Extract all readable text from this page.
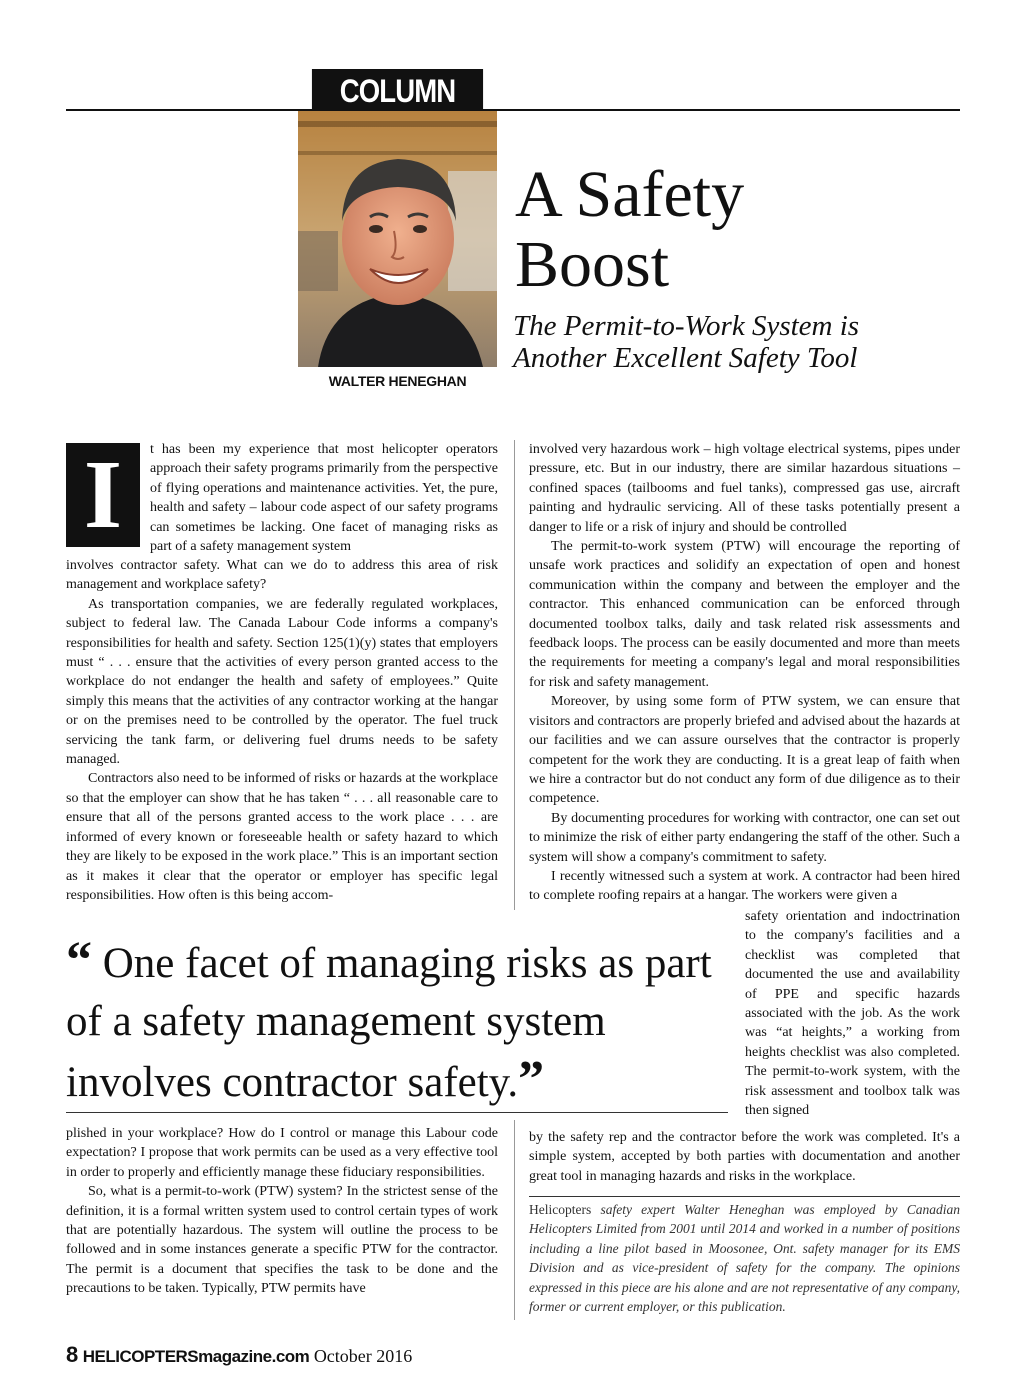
COLUMN
WALTER HENEGHAN
A Safety
Boost
The Permit-to-Work System is
Another Excellent Safety Tool
I	t has been my experience that most helicopter operators approach their safety programs primarily from the perspective of flying operations and maintenance activities. Yet, the pure, health and safety – labour code aspect of our safety programs can sometimes be lacking. One facet of managing risks as part of a safety management system

involves contractor safety. What can we do to address this area of risk management and workplace safety?

As transportation companies, we are federally regulated workplaces, subject to federal law. The Canada Labour Code informs a company's responsibilities for health and safety. Section 125(1)(y) states that employers must “ . . . ensure that the activities of every person granted access to the workplace do not endanger the health and safety of employees.” Quite simply this means that the activities of any contractor working at the hangar or on the premises need to be controlled by the operator. The fuel truck servicing the tank farm, or delivering fuel drums needs to be safety managed.

Contractors also need to be informed of risks or hazards at the workplace so that the employer can show that he has taken “ . . . all reasonable care to ensure that all of the persons granted access to the work place . . . are informed of every known or foreseeable health or safety hazard to which they are likely to be exposed in the work place.” This is an important section as it makes it clear that the operator or employer has specific legal responsibilities. How often is this being accom-

involved very hazardous work – high voltage electrical systems, pipes under pressure, etc. But in our industry, there are similar hazardous situations – confined spaces (tailbooms and fuel tanks), compressed gas use, aircraft painting and hydraulic servicing. All of these tasks potentially present a danger to life or a risk of injury and should be controlled

The permit-to-work system (PTW) will encourage the reporting of unsafe work practices and solidify an expectation of open and honest communication within the company and between the employer and the contractor. This enhanced communication can be enforced through documented toolbox talks, daily and task related risk assessments and feedback loops. The process can be easily documented and more than meets the requirements for meeting a company's legal and moral responsibilities for risk and safety management.

Moreover, by using some form of PTW system, we can ensure that visitors and contractors are properly briefed and advised about the hazards at our facilities and we can assure ourselves that the contractor is properly competent for the work they are conducting. It is a great leap of faith when we hire a contractor but do not conduct any form of due diligence as to their competence.

By documenting procedures for working with contractor, one can set out to minimize the risk of either party endangering the staff of the other. Such a system will show a company's commitment to safety.

I recently witnessed such a system at work. A contractor had been hired to complete roofing repairs at a hangar. The workers were given a

safety orientation and indoctrination to the company's facilities and a checklist was completed that documented the use and availability of PPE and specific hazards associated with the job. As the work was “at heights,” a working from heights checklist was also completed. The permit-to-work system, with the risk assessment and toolbox talk was then signed

“ One facet of managing risks as part of a safety management system involves contractor safety.”

plished in your workplace? How do I control or manage this Labour code expectation? I propose that work permits can be used as a very effective tool in order to properly and efficiently manage these fiduciary responsibilities.

So, what is a permit-to-work (PTW) system? In the strictest sense of the definition, it is a formal written system used to control certain types of work that are potentially hazardous. The system will outline the process to be followed and in some instances generate a specific PTW for the contractor. The permit is a document that specifies the task to be done and the precautions to be taken. Typically, PTW permits have

by the safety rep and the contractor before the work was completed. It's a simple system, accepted by both parties with documentation and another great tool in managing hazards and risks in the workplace.

Helicopters safety expert Walter Heneghan was employed by Canadian Helicopters Limited from 2001 until 2014 and worked in a number of positions including a line pilot based in Moosonee, Ont. safety manager for its EMS Division and as vice-president of safety for the company. The opinions expressed in this piece are his alone and are not representative of any company, former or current employer, or this publication.
8 HELICOPTERSmagazine.com October 2016
